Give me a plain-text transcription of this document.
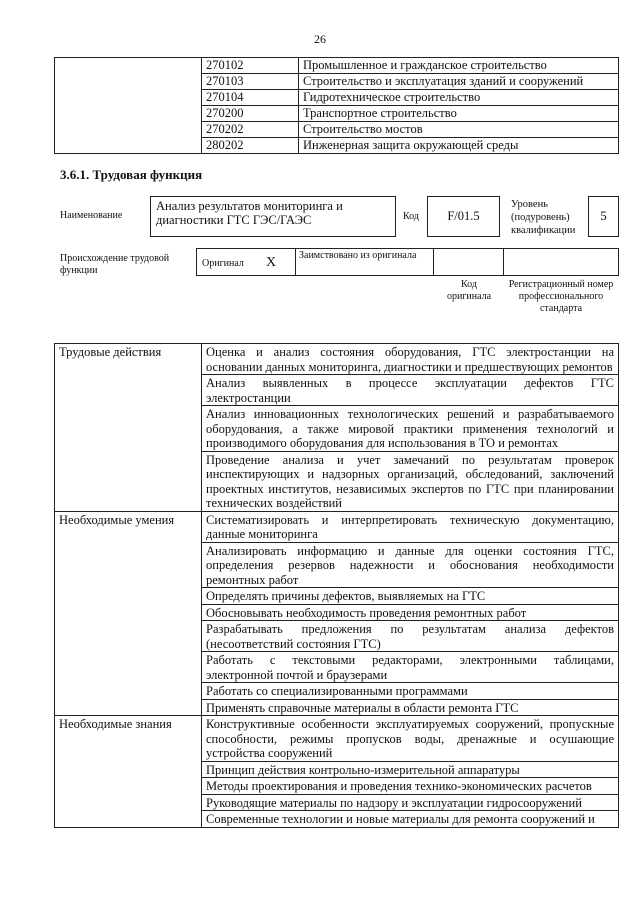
26
	270102	Промышленное и гражданское строительство
	270103	Строительство и эксплуатация зданий и сооружений
	270104	Гидротехническое строительство
	270200	Транспортное строительство
	270202	Строительство мостов
	280202	Инженерная защита окружающей среды
3.6.1. Трудовая функция
Наименование
Анализ результатов мониторинга и диагностики ГТС ГЭС/ГАЭС	Код	F/01.5
Уровень (подуровень) квалификации
5
Происхождение трудовой функции
Оригинал X Заимствовано из оригинала
Код оригинала
Регистрационный номер профессионального стандарта
Трудовые действия	Оценка и анализ состояния оборудования, ГТС электростанции на основании данных мониторинга, диагностики и предшествующих ремонтов
	Анализ выявленных в процессе эксплуатации дефектов ГТС электростанции
	Анализ инновационных технологических решений и разрабатываемого оборудования, а также мировой практики применения технологий и производимого оборудования для использования в ТО и ремонтах
	Проведение анализа и учет замечаний по результатам проверок инспектирующих и надзорных организаций, обследований, заключений проектных институтов, независимых экспертов по ГТС при планировании технических воздействий
Необходимые умения	Систематизировать и интерпретировать техническую документацию, данные мониторинга
	Анализировать информацию и данные для оценки состояния ГТС, определения резервов надежности и обоснования необходимости ремонтных работ
	Определять причины дефектов, выявляемых на ГТС
	Обосновывать необходимость проведения ремонтных работ
	Разрабатывать предложения по результатам анализа дефектов (несоответствий состояния ГТС)
	Работать с текстовыми редакторами, электронными таблицами, электронной почтой и браузерами
	Работать со специализированными программами
	Применять справочные материалы в области ремонта ГТС
Необходимые знания	Конструктивные особенности эксплуатируемых сооружений, пропускные способности, режимы пропусков воды, дренажные и осушающие устройства сооружений
	Принцип действия контрольно-измерительной аппаратуры
	Методы проектирования и проведения технико-экономических расчетов
	Руководящие материалы по надзору и эксплуатации гидросооружений
	Современные технологии и новые материалы для ремонта сооружений и
